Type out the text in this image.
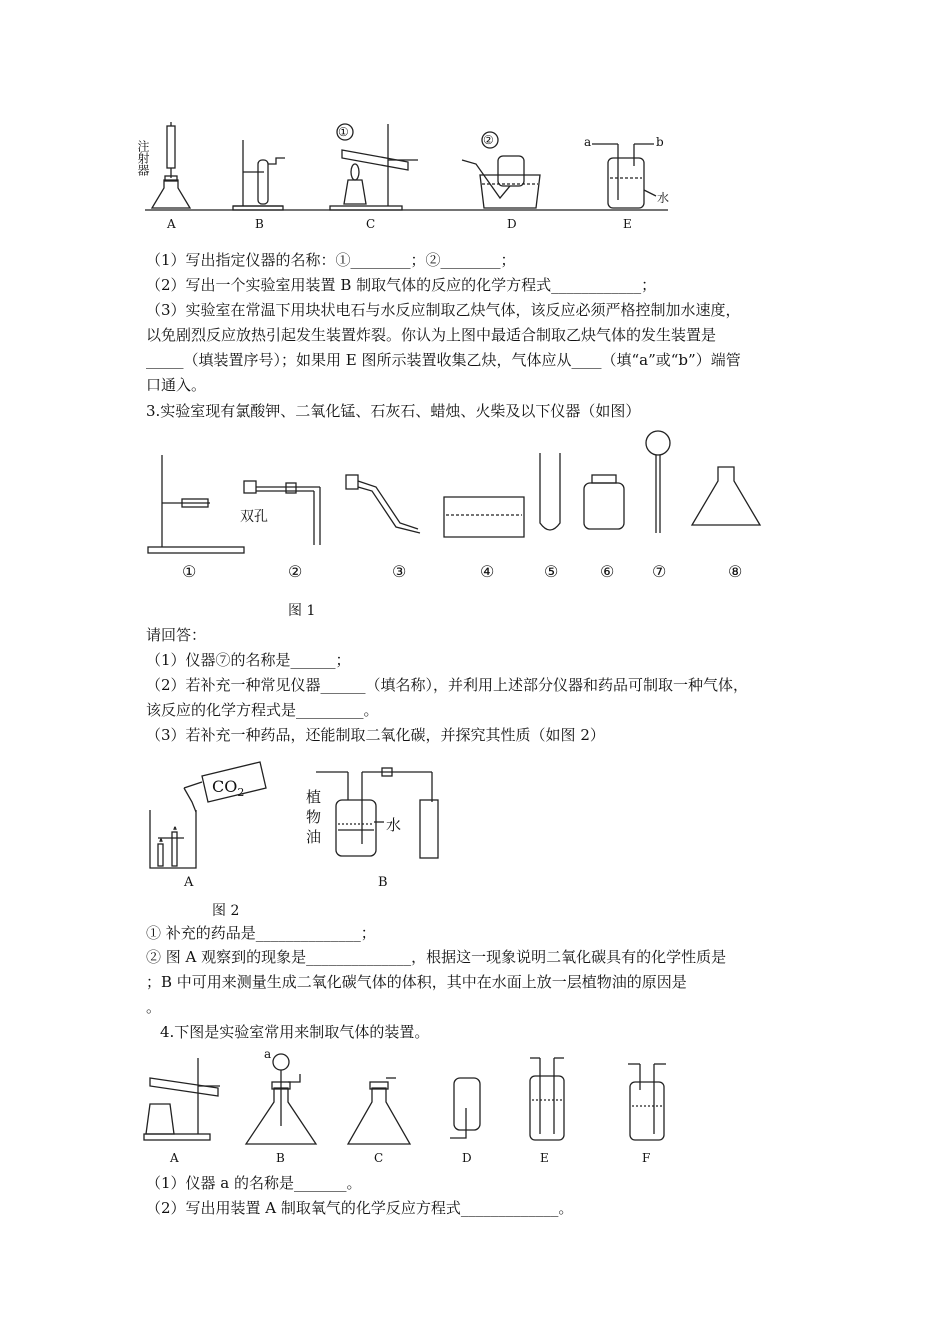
A	B	C	D	E
①
②	a	b
水
注射器
（1）写出指定仪器的名称：①________；②________；
（2）写出一个实验室用装置 B 制取气体的反应的化学方程式____________；
（3）实验室在常温下用块状电石与水反应制取乙炔气体，该反应必须严格控制加水速度，
以免剧烈反应放热引起发生装置炸裂。你认为上图中最适合制取乙炔气体的发生装置是
_____（填装置序号）；如果用 E 图所示装置收集乙炔，气体应从____（填“a”或“b”）端管
口通入。
3.实验室现有氯酸钾、二氧化锰、石灰石、蜡烛、火柴及以下仪器（如图）
①	②	③	④	⑤	⑥ ⑦	⑧
双孔
图 1
请回答：
（1）仪器⑦的名称是______；
（2）若补充一种常见仪器______（填名称），并利用上述部分仪器和药品可制取一种气体，
该反应的化学方程式是_________。
（3）若补充一种药品，还能制取二氧化碳，并探究其性质（如图 2）
$CO_2$	植
物
油
水
A	B
图 2
① 补充的药品是______________；
② 图 A 观察到的现象是______________，根据这一现象说明二氧化碳具有的化学性质是
；B 中可用来测量生成二氧化碳气体的体积，其中在水面上放一层植物油的原因是
。
4.下图是实验室常用来制取气体的装置。
A	B	C	D	E	F
a
（1）仪器 a 的名称是_______。
（2）写出用装置 A 制取氧气的化学反应方程式_____________。
